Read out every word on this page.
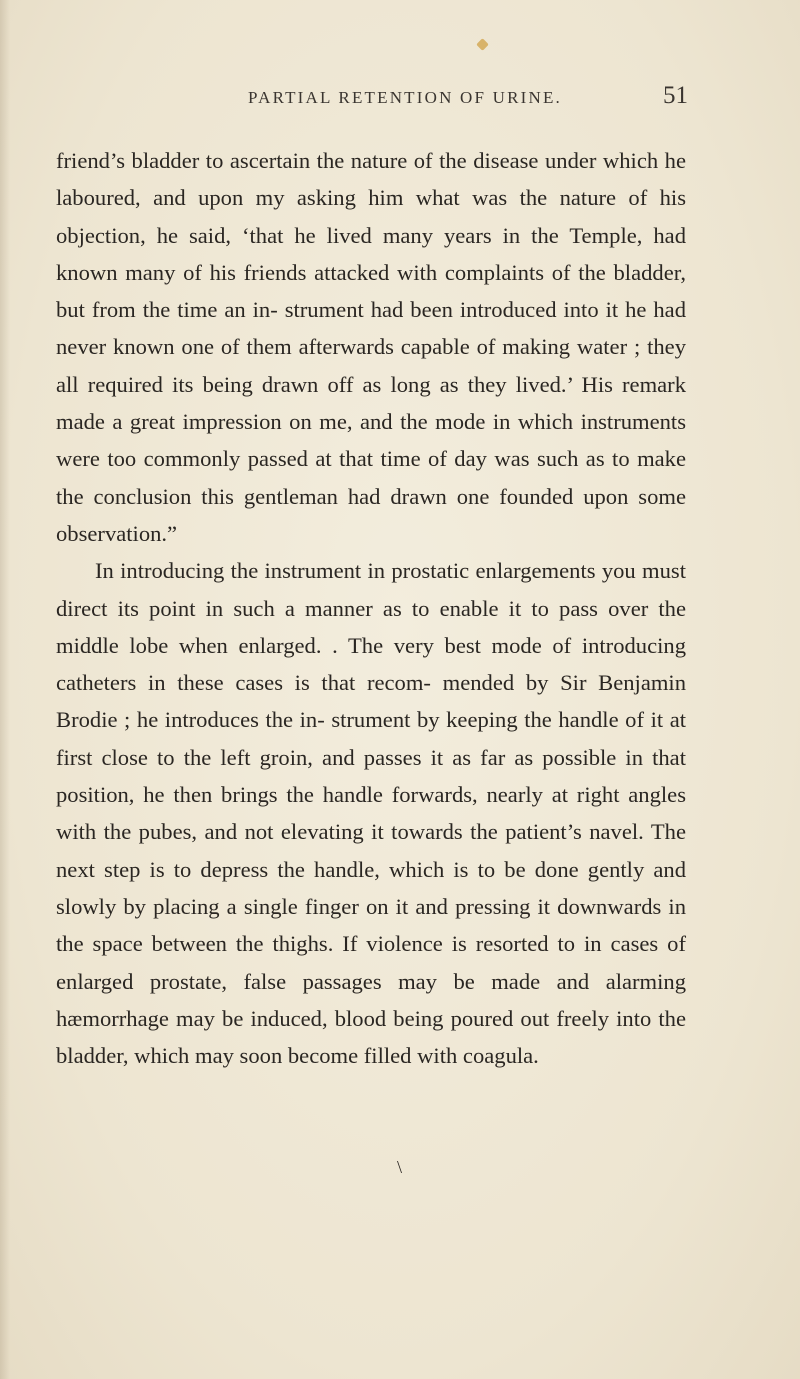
PARTIAL RETENTION OF URINE.	51

friend’s bladder to ascertain the nature of the disease under which he laboured, and upon my asking him what was the nature of his objection, he said, ‘that he lived many years in the Temple, had known many of his friends attacked with complaints of the bladder, but from the time an in- strument had been introduced into it he had never known one of them afterwards capable of making water ; they all required its being drawn off as long as they lived.’ His remark made a great impression on me, and the mode in which instruments were too commonly passed at that time of day was such as to make the conclusion this gentleman had drawn one founded upon some observation.”

In introducing the instrument in prostatic enlargements you must direct its point in such a manner as to enable it to pass over the middle lobe when enlarged. . The very best mode of introducing catheters in these cases is that recom- mended by Sir Benjamin Brodie ; he introduces the in- strument by keeping the handle of it at first close to the left groin, and passes it as far as possible in that position, he then brings the handle forwards, nearly at right angles with the pubes, and not elevating it towards the patient’s navel. The next step is to depress the handle, which is to be done gently and slowly by placing a single finger on it and pressing it downwards in the space between the thighs. If violence is resorted to in cases of enlarged prostate, false passages may be made and alarming hæmorrhage may be induced, blood being poured out freely into the bladder, which may soon become filled with coagula.

\
